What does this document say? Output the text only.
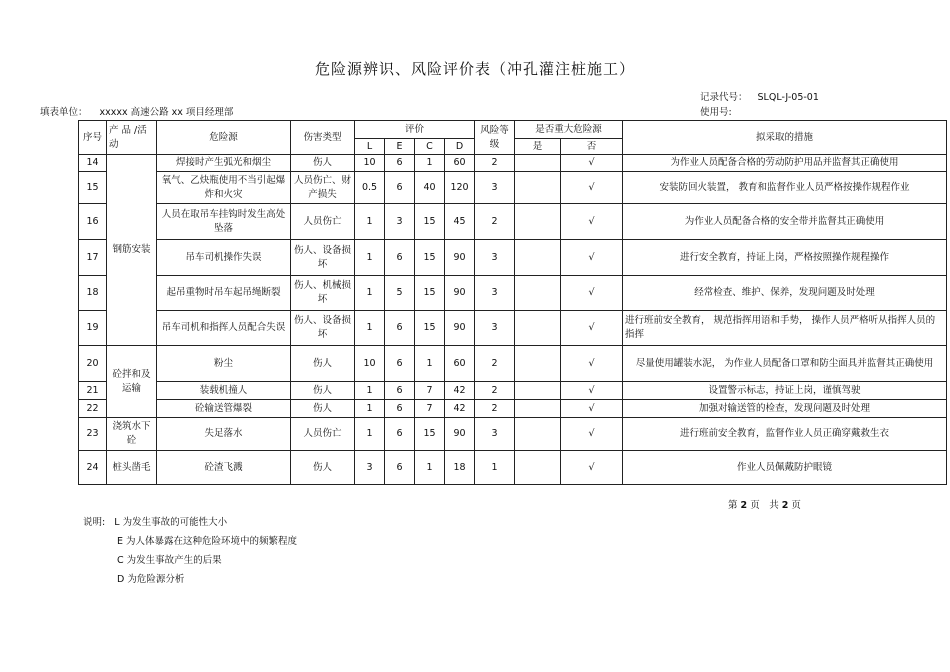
危险源辨识、风险评价表（冲孔灌注桩施工）
记录代号： SLQL-J-05-01
填表单位： xxxxx 高速公路 xx 项目经理部	使用号:
序号	产 品 /活动	危险源	伤害类型	评价				风险等级	是否重大危险源		拟采取的措施
				L	E	C	D		是	否	
14	钢筋安装	焊接时产生弧光和烟尘	伤人	10	6	1	60	2		√	为作业人员配备合格的劳动防护用品并监督其正确使用
15		氧气、乙炔瓶使用不当引起爆炸和火灾	人员伤亡、财产损失	0.5	6	40	120	3		√	安装防回火装置， 教育和监督作业人员严格按操作规程作业
16		人员在取吊车挂钩时发生高处坠落	人员伤亡	1	3	15	45	2		√	为作业人员配备合格的安全带并监督其正确使用
17		吊车司机操作失误	伤人、设备损坏	1	6	15	90	3		√	进行安全教育，持证上岗，严格按照操作规程操作
18		起吊重物时吊车起吊绳断裂	伤人、机械损坏	1	5	15	90	3		√	经常检查、维护、保养，发现问题及时处理
19		吊车司机和指挥人员配合失误	伤人、设备损坏	1	6	15	90	3		√	进行班前安全教育， 规范指挥用语和手势， 操作人员严格听从指挥人员的指挥
20	砼拌和及运输	粉尘	伤人	10	6	1	60	2		√	尽量使用罐装水泥， 为作业人员配备口罩和防尘面具并监督其正确使用
21		装载机撞人	伤人	1	6	7	42	2		√	设置警示标志，持证上岗，谨慎驾驶
22		砼输送管爆裂	伤人	1	6	7	42	2		√	加强对输送管的检查，发现问题及时处理
23	浇筑水下砼	失足落水	人员伤亡	1	6	15	90	3		√	进行班前安全教育，监督作业人员正确穿戴救生衣
24	桩头凿毛	砼渣飞溅	伤人	3	6	1	18	1		√	作业人员佩戴防护眼镜
第 2 页　共 2 页
说明: L 为发生事故的可能性大小
E 为人体暴露在这种危险环境中的频繁程度
C 为发生事故产生的后果
D 为危险源分析
